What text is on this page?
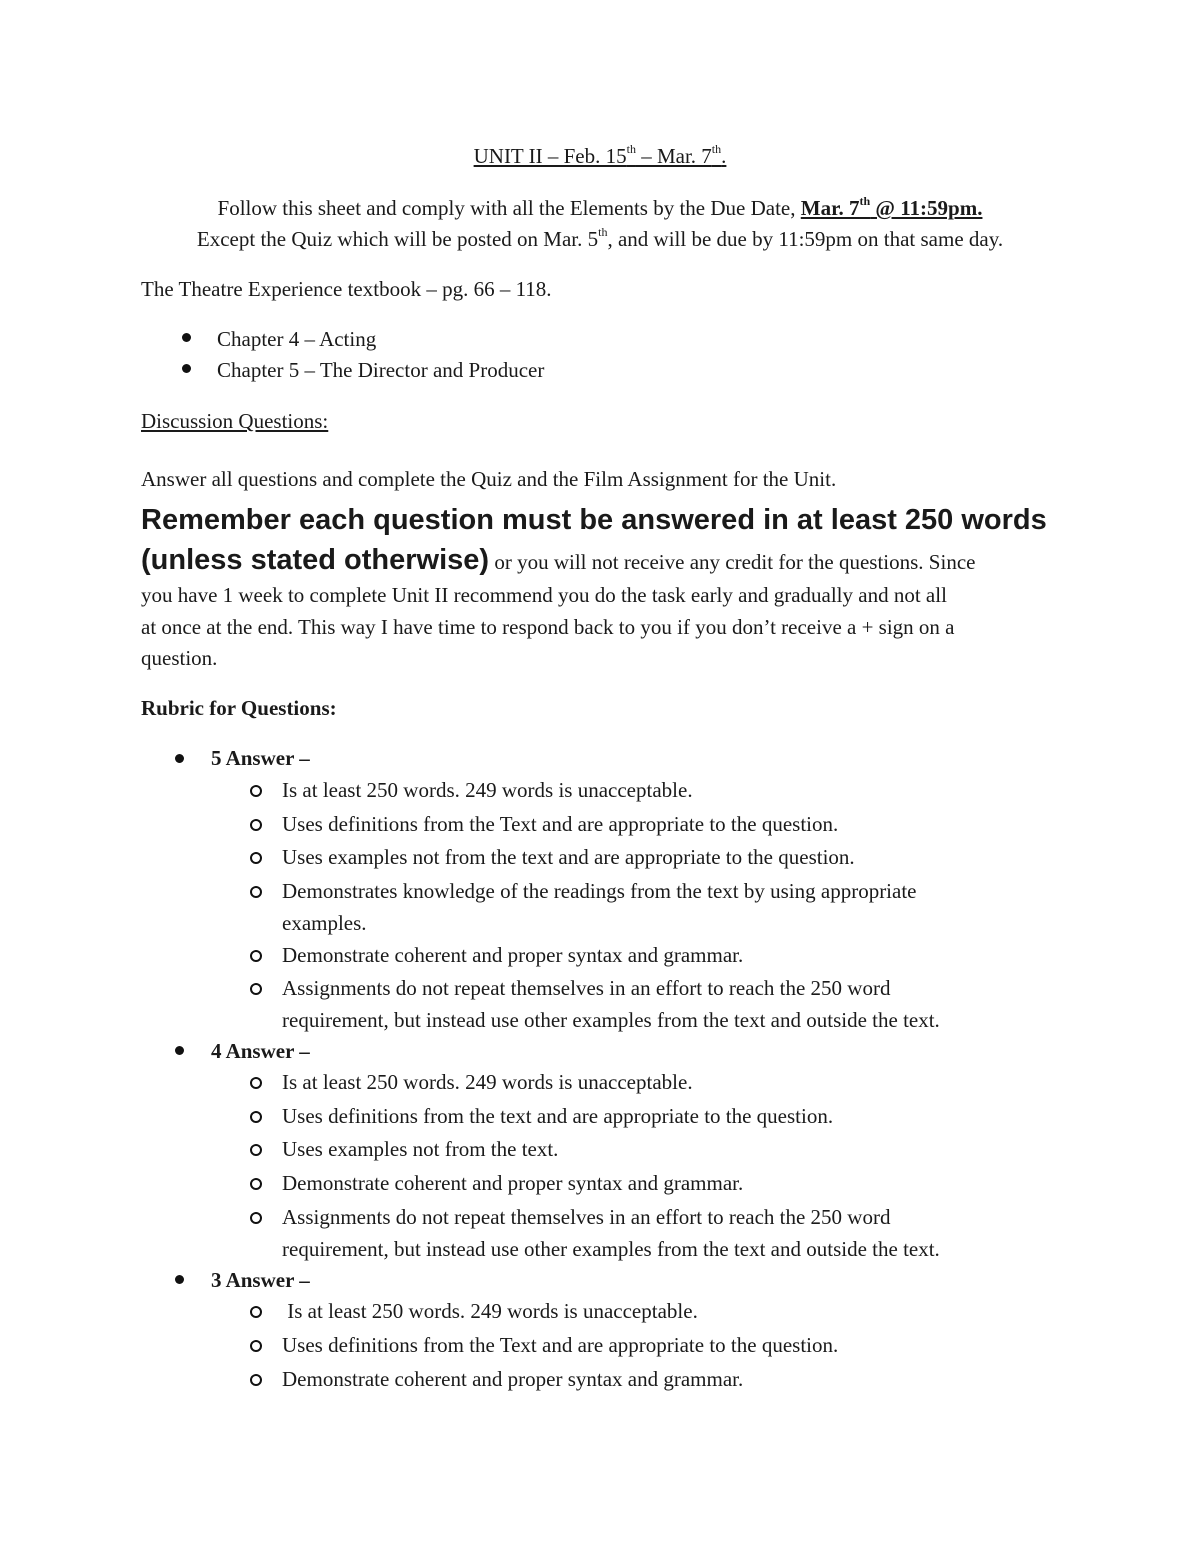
UNIT II – Feb. 15th – Mar. 7th.
Follow this sheet and comply with all the Elements by the Due Date, Mar. 7th @ 11:59pm.
Except the Quiz which will be posted on Mar. 5th, and will be due by 11:59pm on that same day.
The Theatre Experience textbook – pg. 66 – 118.
Chapter 4 – Acting
Chapter 5 – The Director and Producer
Discussion Questions:
Answer all questions and complete the Quiz and the Film Assignment for the Unit.
Remember each question must be answered in at least 250 words
(unless stated otherwise) or you will not receive any credit for the questions. Since
you have 1 week to complete Unit II recommend you do the task early and gradually and not all
at once at the end. This way I have time to respond back to you if you don’t receive a + sign on a
question.
Rubric for Questions:
5 Answer –
Is at least 250 words. 249 words is unacceptable.
Uses definitions from the Text and are appropriate to the question.
Uses examples not from the text and are appropriate to the question.
Demonstrates knowledge of the readings from the text by using appropriate
examples.
Demonstrate coherent and proper syntax and grammar.
Assignments do not repeat themselves in an effort to reach the 250 word
requirement, but instead use other examples from the text and outside the text.
4 Answer –
Is at least 250 words. 249 words is unacceptable.
Uses definitions from the text and are appropriate to the question.
Uses examples not from the text.
Demonstrate coherent and proper syntax and grammar.
Assignments do not repeat themselves in an effort to reach the 250 word
requirement, but instead use other examples from the text and outside the text.
3 Answer –
Is at least 250 words. 249 words is unacceptable.
Uses definitions from the Text and are appropriate to the question.
Demonstrate coherent and proper syntax and grammar.
